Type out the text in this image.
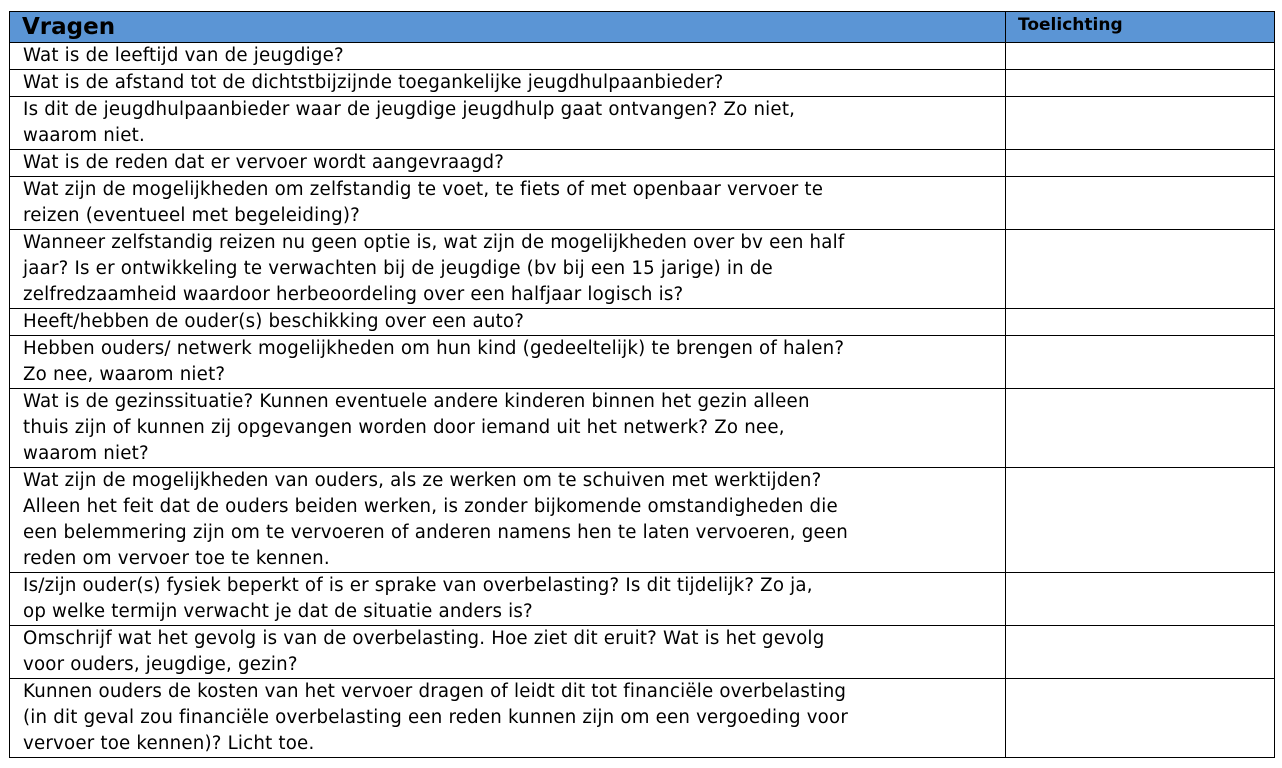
Vragen	Toelichting
Wat is de leeftijd van de jeugdige?	
Wat is de afstand tot de dichtstbijzijnde toegankelijke jeugdhulpaanbieder?	
Is dit de jeugdhulpaanbieder waar de jeugdige jeugdhulp gaat ontvangen? Zo niet,
waarom niet.	
Wat is de reden dat er vervoer wordt aangevraagd?	
Wat zijn de mogelijkheden om zelfstandig te voet, te fiets of met openbaar vervoer te
reizen (eventueel met begeleiding)?	
Wanneer zelfstandig reizen nu geen optie is, wat zijn de mogelijkheden over bv een half
jaar? Is er ontwikkeling te verwachten bij de jeugdige (bv bij een 15 jarige) in de
zelfredzaamheid waardoor herbeoordeling over een halfjaar logisch is?	
Heeft/hebben de ouder(s) beschikking over een auto?	
Hebben ouders/ netwerk mogelijkheden om hun kind (gedeeltelijk) te brengen of halen?
Zo nee, waarom niet?	
Wat is de gezinssituatie? Kunnen eventuele andere kinderen binnen het gezin alleen
thuis zijn of kunnen zij opgevangen worden door iemand uit het netwerk? Zo nee,
waarom niet?	
Wat zijn de mogelijkheden van ouders, als ze werken om te schuiven met werktijden?
Alleen het feit dat de ouders beiden werken, is zonder bijkomende omstandigheden die
een belemmering zijn om te vervoeren of anderen namens hen te laten vervoeren, geen
reden om vervoer toe te kennen.	
Is/zijn ouder(s) fysiek beperkt of is er sprake van overbelasting? Is dit tijdelijk? Zo ja,
op welke termijn verwacht je dat de situatie anders is?	
Omschrijf wat het gevolg is van de overbelasting. Hoe ziet dit eruit? Wat is het gevolg
voor ouders, jeugdige, gezin?	
Kunnen ouders de kosten van het vervoer dragen of leidt dit tot financiële overbelasting
(in dit geval zou financiële overbelasting een reden kunnen zijn om een vergoeding voor
vervoer toe kennen)? Licht toe.	
